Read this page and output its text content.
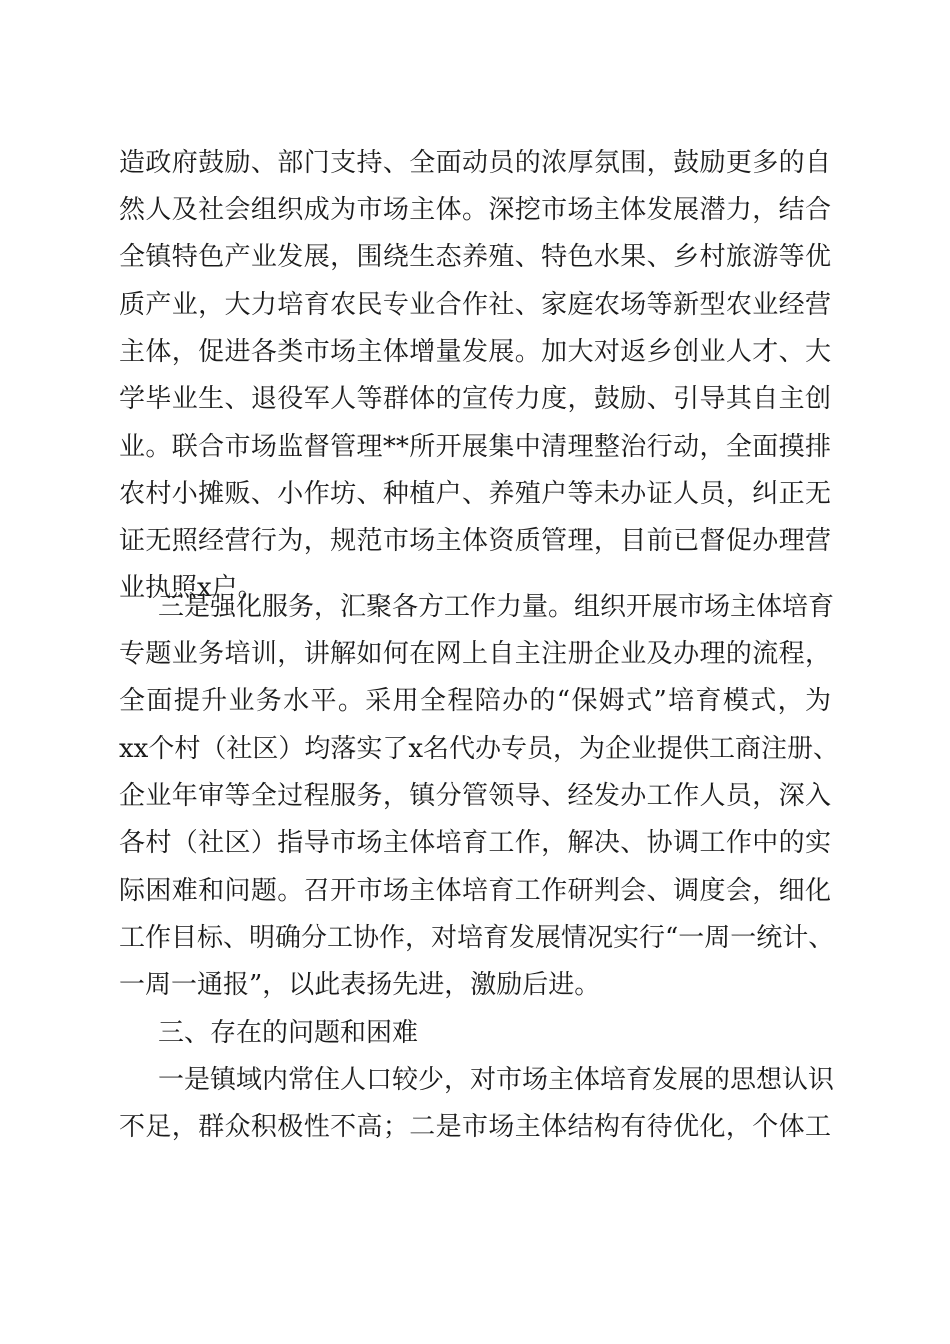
造政府鼓励、部门支持、全面动员的浓厚氛围，鼓励更多的自
然人及社会组织成为市场主体。深挖市场主体发展潜力，结合
全镇特色产业发展，围绕生态养殖、特色水果、乡村旅游等优
质产业，大力培育农民专业合作社、家庭农场等新型农业经营
主体，促进各类市场主体增量发展。加大对返乡创业人才、大
学毕业生、退役军人等群体的宣传力度，鼓励、引导其自主创
业。联合市场监督管理**所开展集中清理整治行动，全面摸排
农村小摊贩、小作坊、种植户、养殖户等未办证人员，纠正无
证无照经营行为，规范市场主体资质管理，目前已督促办理营
业执照x户。
三是强化服务，汇聚各方工作力量。组织开展市场主体培育
专题业务培训，讲解如何在网上自主注册企业及办理的流程，
全面提升业务水平。采用全程陪办的“保姆式”培育模式，为
xx个村（社区）均落实了x名代办专员，为企业提供工商注册、
企业年审等全过程服务，镇分管领导、经发办工作人员，深入
各村（社区）指导市场主体培育工作，解决、协调工作中的实
际困难和问题。召开市场主体培育工作研判会、调度会，细化
工作目标、明确分工协作，对培育发展情况实行“一周一统计、
一周一通报”，以此表扬先进，激励后进。
三、存在的问题和困难
一是镇域内常住人口较少，对市场主体培育发展的思想认识
不足，群众积极性不高；二是市场主体结构有待优化，个体工
